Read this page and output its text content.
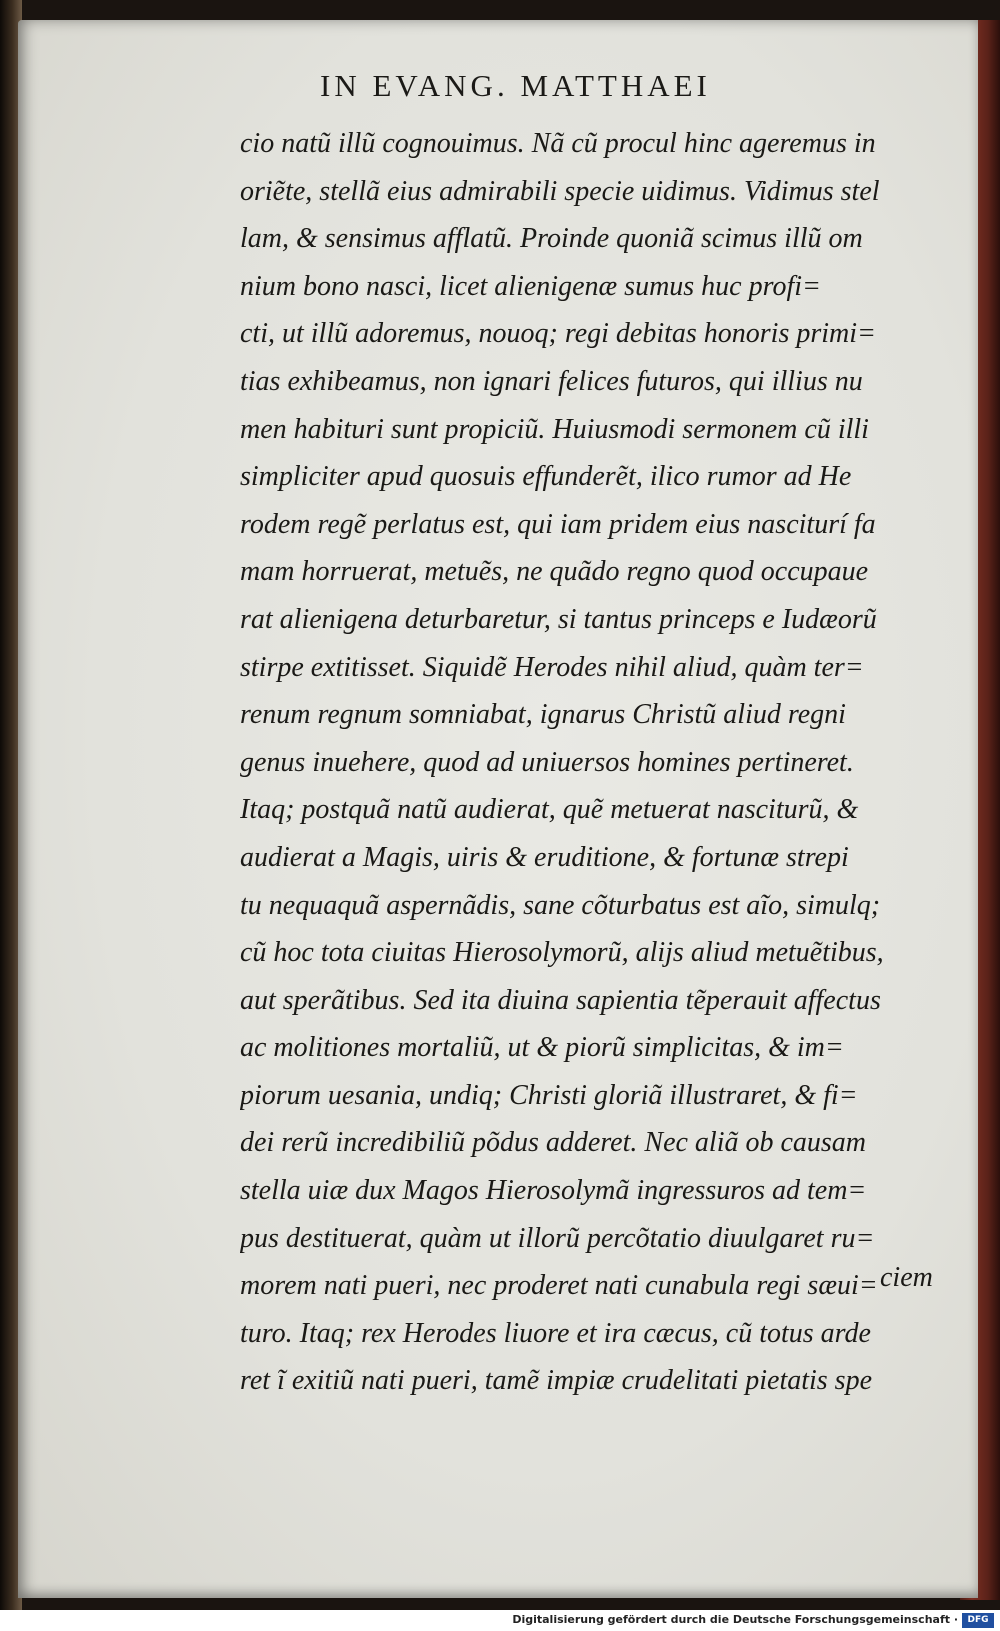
IN EVANG. MATTHAEI
cio natũ illũ cognouimus. Nã cũ procul hinc ageremus in
oriẽte, stellã eius admirabili specie uidimus. Vidimus stel
lam, & sensimus afflatũ. Proinde quoniã scimus illũ om
nium bono nasci, licet alienigenæ sumus huc profi=
cti, ut illũ adoremus, nouoq; regi debitas honoris primi=
tias exhibeamus, non ignari felices futuros, qui illius nu
men habituri sunt propiciũ. Huiusmodi sermonem cũ illi
simpliciter apud quosuis effunderẽt, ilico rumor ad He
rodem regẽ perlatus est, qui iam pridem eius nasciturí fa
mam horruerat, metuẽs, ne quãdo regno quod occupaue
rat alienigena deturbaretur, si tantus princeps e Iudæorũ
stirpe extitisset. Siquidẽ Herodes nihil aliud, quàm ter=
renum regnum somniabat, ignarus Christũ aliud regni
genus inuehere, quod ad uniuersos homines pertineret.
Itaq; postquã natũ audierat, quẽ metuerat nasciturũ, &
audierat a Magis, uiris & eruditione, & fortunæ strepi
tu nequaquã aspernãdis, sane cõturbatus est aĩo, simulq;
cũ hoc tota ciuitas Hierosolymorũ, alijs aliud metuẽtibus,
aut sperãtibus. Sed ita diuina sapientia tẽperauit affectus
ac molitiones mortaliũ, ut & piorũ simplicitas, & im=
piorum uesania, undiq; Christi gloriã illustraret, & fi=
dei rerũ incredibiliũ põdus adderet. Nec aliã ob causam
stella uiæ dux Magos Hierosolymã ingressuros ad tem=
pus destituerat, quàm ut illorũ percõtatio diuulgaret ru=
morem nati pueri, nec proderet nati cunabula regi sæui=
turo. Itaq; rex Herodes liuore et ira cæcus, cũ totus arde
ret ĩ exitiũ nati pueri, tamẽ impiæ crudelitati pietatis spe
ciem
Digitalisierung gefördert durch die Deutsche Forschungsgemeinschaft ·	DFG
